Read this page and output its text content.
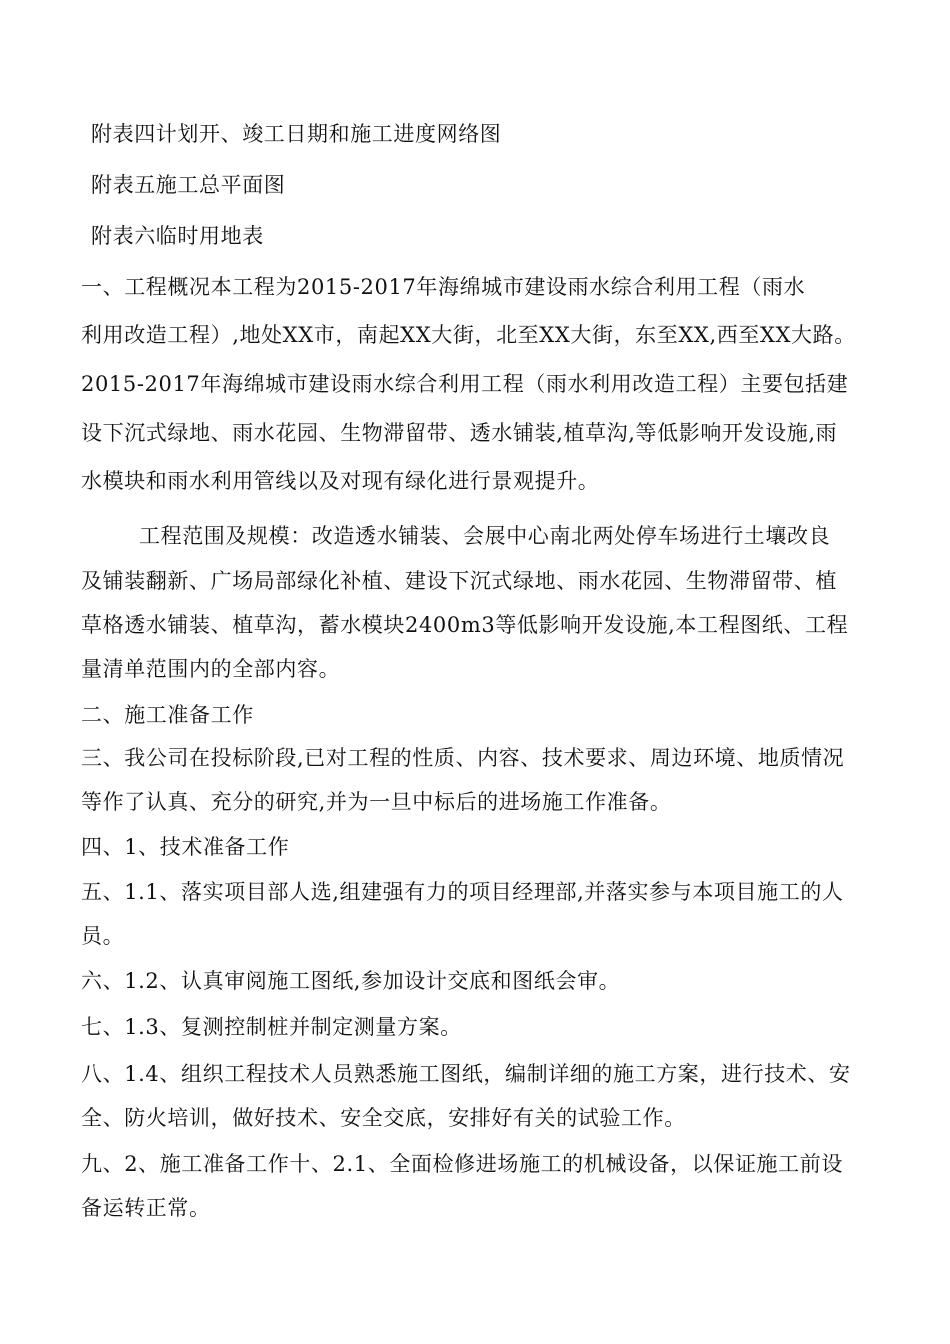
附表四计划开、竣工日期和施工进度网络图
附表五施工总平面图
附表六临时用地表
一、工程概况本工程为2015-2017年海绵城市建设雨水综合利用工程（雨水
利用改造工程）,地处XX市，南起XX大街，北至XX大街，东至XX,西至XX大路。
2015-2017年海绵城市建设雨水综合利用工程（雨水利用改造工程）主要包括建
设下沉式绿地、雨水花园、生物滞留带、透水铺装,植草沟,等低影响开发设施,雨
水模块和雨水利用管线以及对现有绿化进行景观提升。
工程范围及规模：改造透水铺装、会展中心南北两处停车场进行土壤改良
及铺装翻新、广场局部绿化补植、建设下沉式绿地、雨水花园、生物滞留带、植
草格透水铺装、植草沟，蓄水模块2400m3等低影响开发设施,本工程图纸、工程
量清单范围内的全部内容。
二、施工准备工作
三、我公司在投标阶段,已对工程的性质、内容、技术要求、周边环境、地质情况
等作了认真、充分的研究,并为一旦中标后的进场施工作准备。
四、1、技术准备工作
五、1.1、落实项目部人选,组建强有力的项目经理部,并落实参与本项目施工的人
员。
六、1.2、认真审阅施工图纸,参加设计交底和图纸会审。
七、1.3、复测控制桩并制定测量方案。
八、1.4、组织工程技术人员熟悉施工图纸，编制详细的施工方案，进行技术、安
全、防火培训，做好技术、安全交底，安排好有关的试验工作。
九、2、施工准备工作十、2.1、全面检修进场施工的机械设备，以保证施工前设
备运转正常。
